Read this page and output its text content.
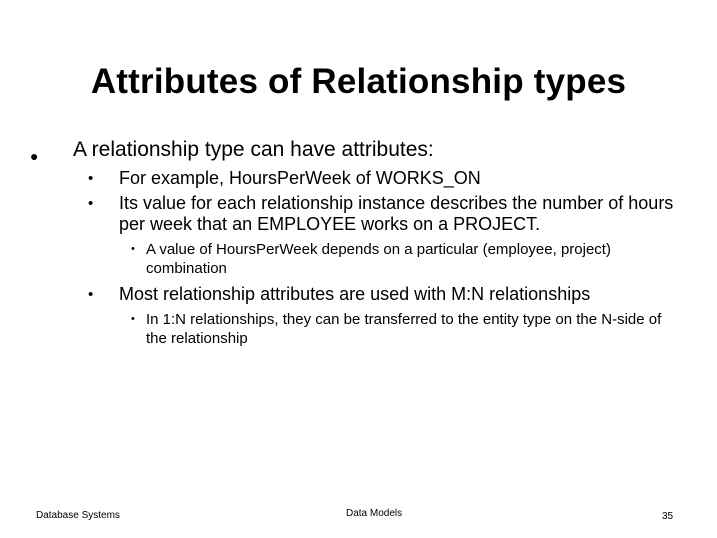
Attributes of Relationship types
● A relationship type can have attributes:
• For example, HoursPerWeek of WORKS_ON
• Its value for each relationship instance describes the number of hours per week that an EMPLOYEE works on a PROJECT.
• A value of HoursPerWeek depends on a particular (employee, project) combination
• Most relationship attributes are used with M:N relationships
• In 1:N relationships, they can be transferred to the entity type on the N-side of the relationship
Database Systems	Data Models	35
